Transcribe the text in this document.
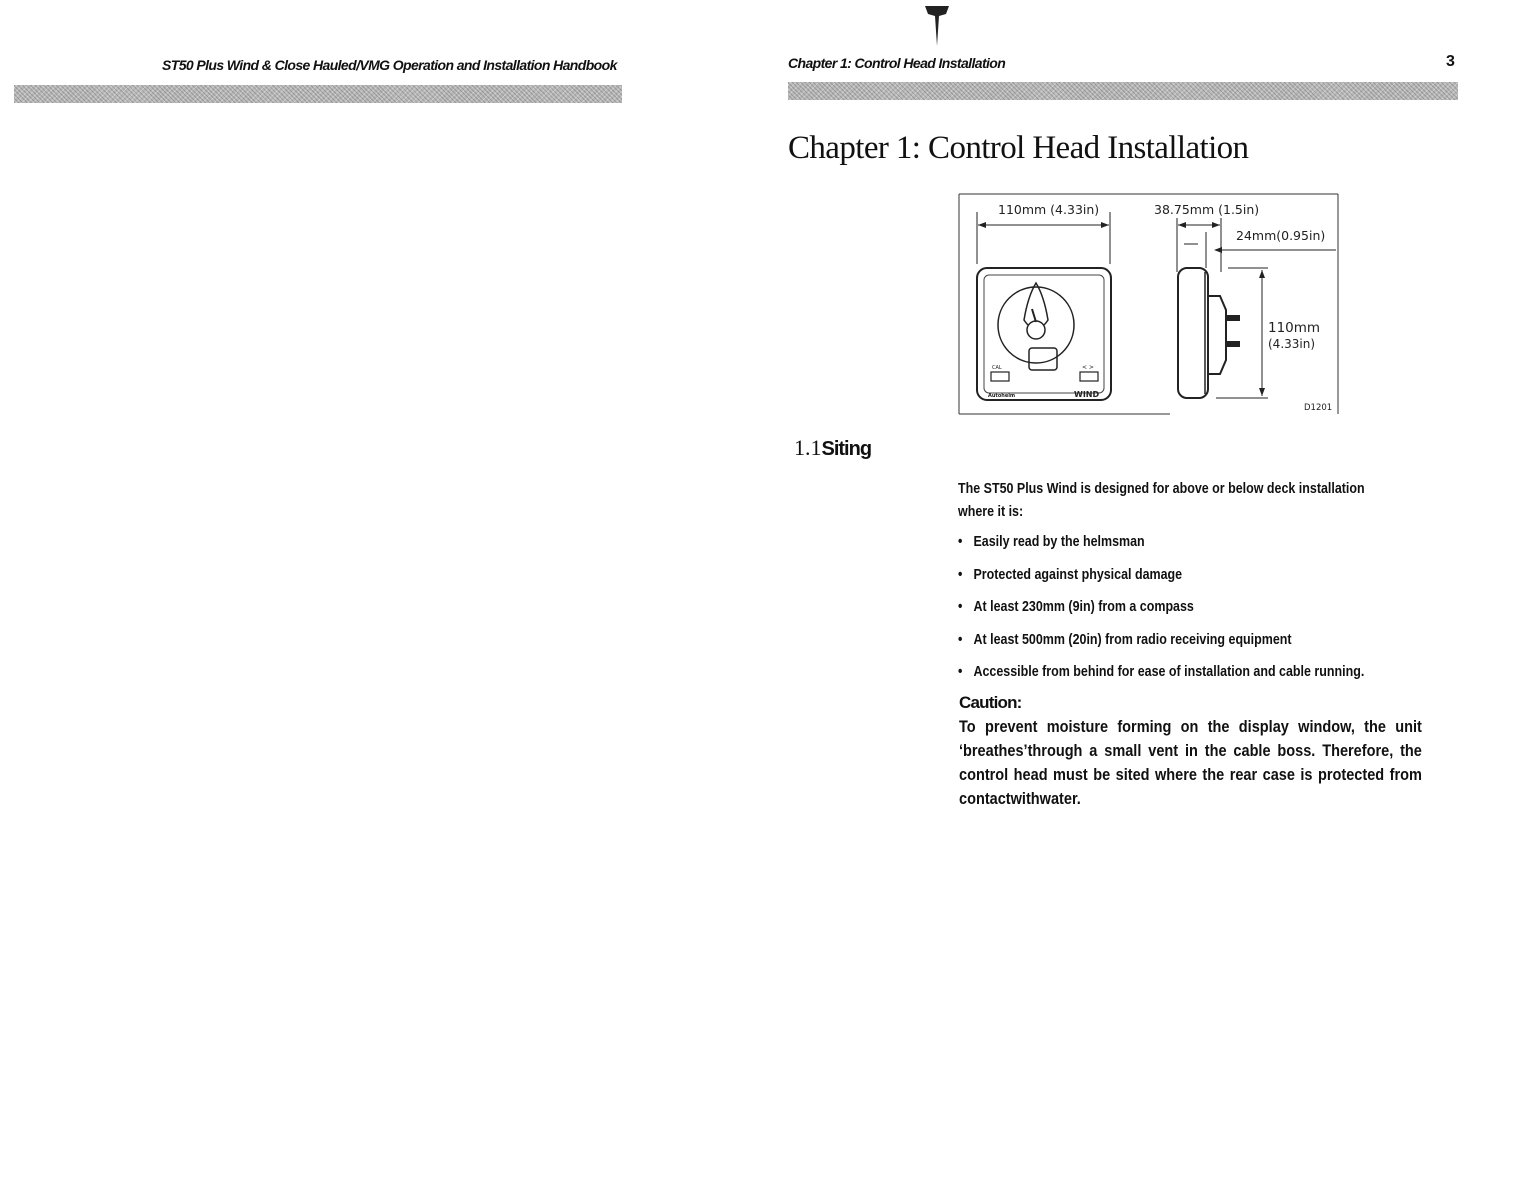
ST50 Plus Wind & Close Hauled/VMG Operation and Installation Handbook	Chapter 1: Control Head Installation	3
Chapter 1: Control Head Installation
110mm (4.33in)
CAL	< >
Autohelm	WIND
38.75mm (1.5in)
24mm(0.95in)
110mm
(4.33in)
D1201
1.1Siting
The ST50 Plus Wind is designed for above or below deck installation where it is:
• Easily read by the helmsman
• Protected against physical damage
• At least 230mm (9in) from a compass
• At least 500mm (20in) from radio receiving equipment
• Accessible from behind for ease of installation and cable running.
Caution:
To prevent moisture forming on the display window, the unit ‘breathes’through a small vent in the cable boss. Therefore, the control head must be sited where the rear case is protected from contactwithwater.
